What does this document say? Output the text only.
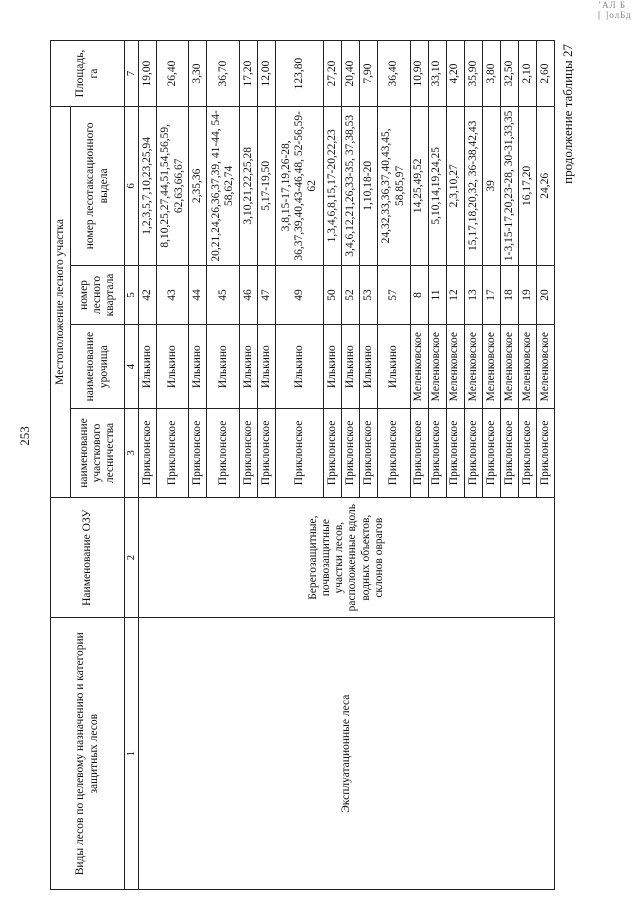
253
ʼАЛ Б [ ]олБд
Виды лесов по целевому назначению и категории защитных лесов	Наименование ОЗУ	Местоположение лесного участка				Площадь, га
		наименование участкового лесничества	наименование урочища	номер лесного квартала	номер лесотаксационного выдела	
1	2	3	4	5	6	7
Эксплуатационные леса	Берегозащитные, почвозащитные участки лесов, расположенные вдоль водных объектов, склонов оврагов	Приклонское	Илькино	42	1,2,3,5,7,10,23,25,94	19,00
		Приклонское	Илькино	43	8,10,25,27,44,51,54,56,59, 62,63,66,67	26,40
		Приклонское	Илькино	44	2,35,36	3,30
		Приклонское	Илькино	45	20,21,24,26,36,37,39, 41-44, 54-58,62,74	36,70
		Приклонское	Илькино	46	3,10,21,22,25,28	17,20
		Приклонское	Илькино	47	5,17-19,50	12,00
		Приклонское	Илькино	49	3,8,15-17,19,26-28, 36,37,39,40,43-46,48, 52-56,59-62	123,80
		Приклонское	Илькино	50	1,3,4,6,8,15,17-20,22,23	27,20
		Приклонское	Илькино	52	3,4,6,12,21,26,33-35, 37,38,53	20,40
		Приклонское	Илькино	53	1,10,18-20	7,90
		Приклонское	Илькино	57	24,32,33,36,37,40,43,45, 58,85,97	36,40
		Приклонское	Меленковское	8	14,25,49,52	10,90
		Приклонское	Меленковское	11	5,10,14,19,24,25	33,10
		Приклонское	Меленковское	12	2,3,10,27	4,20
		Приклонское	Меленковское	13	15,17,18,20,32, 36-38,42,43	35,90
		Приклонское	Меленковское	17	39	3,80
		Приклонское	Меленковское	18	1-3,15-17,20,23-28, 30-31,33,35	32,50
		Приклонское	Меленковское	19	16,17,20	2,10
		Приклонское	Меленковское	20	24,26	2,60 продолжение таблицы 27
